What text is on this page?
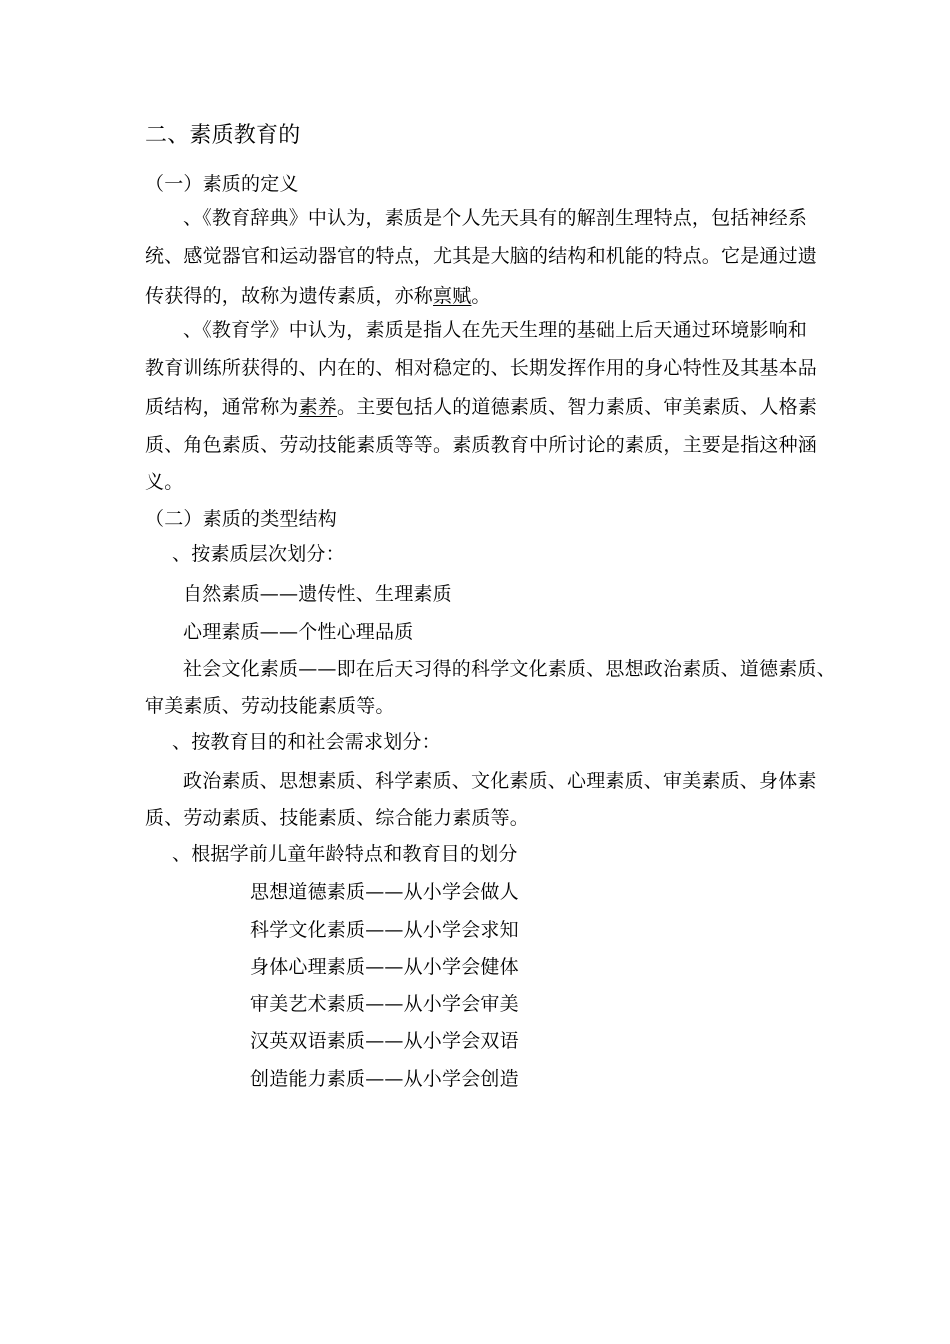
二、素质教育的
（一）素质的定义
、《教育辞典》中认为，素质是个人先天具有的解剖生理特点，包括神经系
统、感觉器官和运动器官的特点，尤其是大脑的结构和机能的特点。它是通过遗
传获得的，故称为遗传素质，亦称禀赋。
、《教育学》中认为，素质是指人在先天生理的基础上后天通过环境影响和
教育训练所获得的、内在的、相对稳定的、长期发挥作用的身心特性及其基本品
质结构，通常称为素养。主要包括人的道德素质、智力素质、审美素质、人格素
质、角色素质、劳动技能素质等等。素质教育中所讨论的素质，主要是指这种涵
义。
（二）素质的类型结构
、按素质层次划分：
自然素质——遗传性、生理素质
心理素质——个性心理品质
社会文化素质——即在后天习得的科学文化素质、思想政治素质、道德素质、
审美素质、劳动技能素质等。
、按教育目的和社会需求划分：
政治素质、思想素质、科学素质、文化素质、心理素质、审美素质、身体素
质、劳动素质、技能素质、综合能力素质等。
、根据学前儿童年龄特点和教育目的划分
思想道德素质——从小学会做人
科学文化素质——从小学会求知
身体心理素质——从小学会健体
审美艺术素质——从小学会审美
汉英双语素质——从小学会双语
创造能力素质——从小学会创造
